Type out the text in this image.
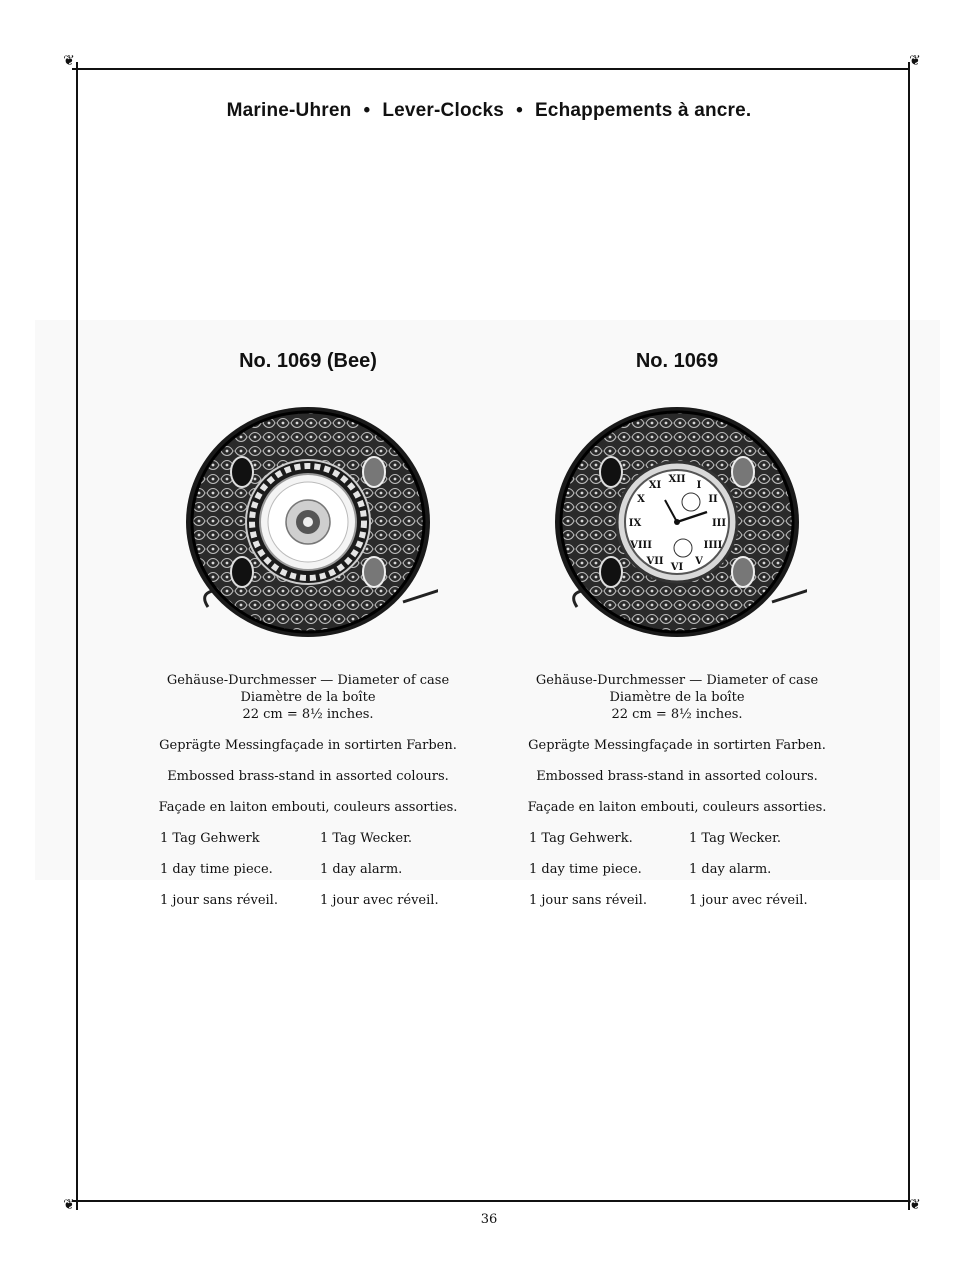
❦	❦
❦	❦
Marine-Uhren • Lever-Clocks • Echappements à ancre.
No. 1069 (Bee)
Gehäuse-Durchmesser — Diameter of case
Diamètre de la boîte
22 cm = 8½ inches.
Geprägte Messingfaçade in sortirten Farben.
Embossed brass-stand in assorted colours.
Façade en laiton embouti, couleurs assorties.
1 Tag Gehwerk	1 Tag Wecker.
1 day time piece.	1 day alarm.
1 jour sans réveil.	1 jour avec réveil.
No. 1069
XII
I
II
III
IIII
V
VI
VII
VIII
IX
X
XI
Gehäuse-Durchmesser — Diameter of case
Diamètre de la boîte
22 cm = 8½ inches.
Geprägte Messingfaçade in sortirten Farben.
Embossed brass-stand in assorted colours.
Façade en laiton embouti, couleurs assorties.
1 Tag Gehwerk.	1 Tag Wecker.
1 day time piece.	1 day alarm.
1 jour sans réveil.	1 jour avec réveil.
36
